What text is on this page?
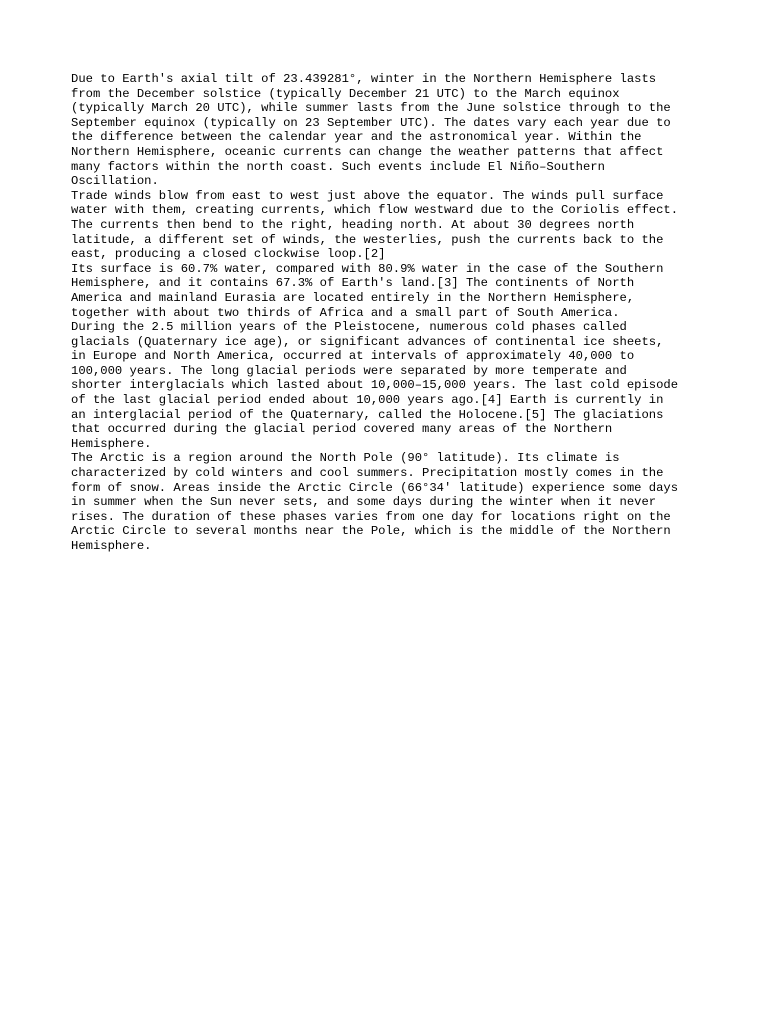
Due to Earth's axial tilt of 23.439281°, winter in the Northern Hemisphere lasts
from the December solstice (typically December 21 UTC) to the March equinox
(typically March 20 UTC), while summer lasts from the June solstice through to the
September equinox (typically on 23 September UTC). The dates vary each year due to
the difference between the calendar year and the astronomical year. Within the
Northern Hemisphere, oceanic currents can change the weather patterns that affect
many factors within the north coast. Such events include El Niño–Southern
Oscillation.

Trade winds blow from east to west just above the equator. The winds pull surface
water with them, creating currents, which flow westward due to the Coriolis effect.
The currents then bend to the right, heading north. At about 30 degrees north
latitude, a different set of winds, the westerlies, push the currents back to the
east, producing a closed clockwise loop.[2]

Its surface is 60.7% water, compared with 80.9% water in the case of the Southern
Hemisphere, and it contains 67.3% of Earth's land.[3] The continents of North
America and mainland Eurasia are located entirely in the Northern Hemisphere,
together with about two thirds of Africa and a small part of South America.

During the 2.5 million years of the Pleistocene, numerous cold phases called
glacials (Quaternary ice age), or significant advances of continental ice sheets,
in Europe and North America, occurred at intervals of approximately 40,000 to
100,000 years. The long glacial periods were separated by more temperate and
shorter interglacials which lasted about 10,000–15,000 years. The last cold episode
of the last glacial period ended about 10,000 years ago.[4] Earth is currently in
an interglacial period of the Quaternary, called the Holocene.[5] The glaciations
that occurred during the glacial period covered many areas of the Northern
Hemisphere.

The Arctic is a region around the North Pole (90° latitude). Its climate is
characterized by cold winters and cool summers. Precipitation mostly comes in the
form of snow. Areas inside the Arctic Circle (66°34′ latitude) experience some days
in summer when the Sun never sets, and some days during the winter when it never
rises. The duration of these phases varies from one day for locations right on the
Arctic Circle to several months near the Pole, which is the middle of the Northern
Hemisphere.
